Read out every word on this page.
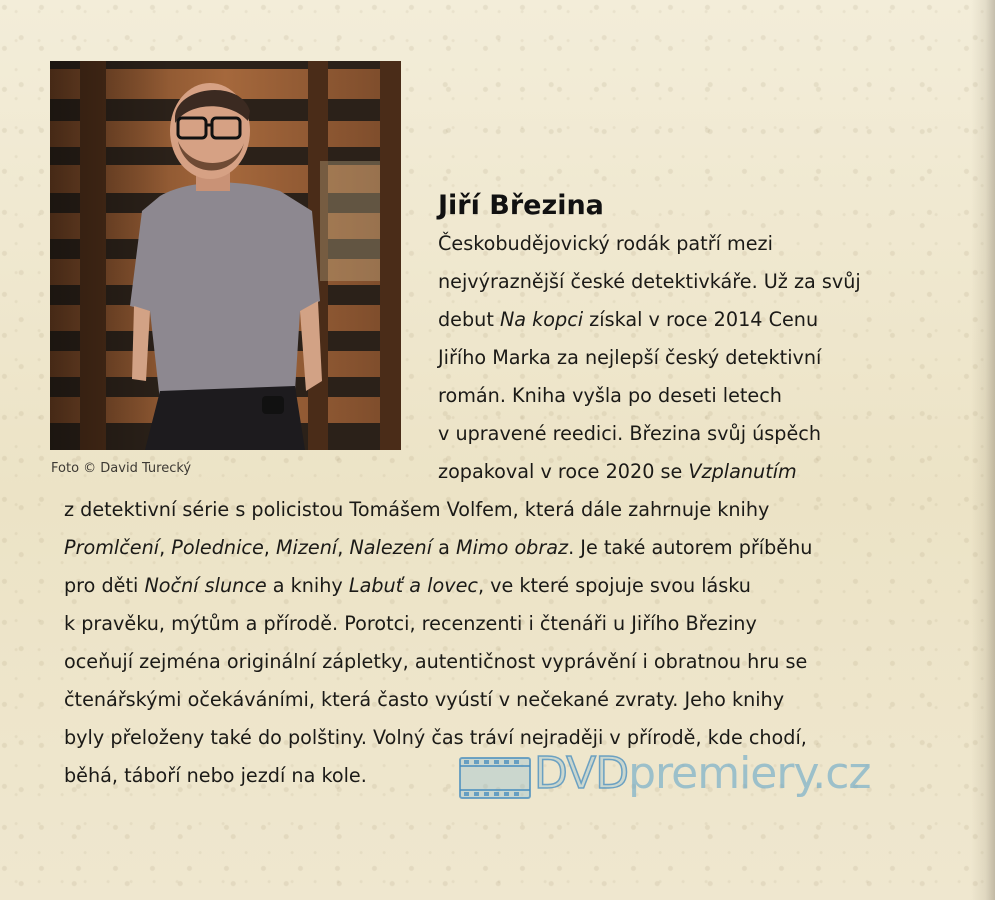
Foto © David Turecký
Jiří Březina
Českobudějovický rodák patří mezi
nejvýraznější české detektivkáře. Už za svůj
debut Na kopci získal v roce 2014 Cenu
Jiřího Marka za nejlepší český detektivní
román. Kniha vyšla po deseti letech
v upravené reedici. Březina svůj úspěch
zopakoval v roce 2020 se Vzplanutím
z detektivní série s policistou Tomášem Volfem, která dále zahrnuje knihy
Promlčení, Polednice, Mizení, Nalezení a Mimo obraz. Je také autorem příběhu
pro děti Noční slunce a knihy Labuť a lovec, ve které spojuje svou lásku
k pravěku, mýtům a přírodě. Porotci, recenzenti i čtenáři u Jiřího Březiny
oceňují zejména originální zápletky, autentičnost vyprávění i obratnou hru se
čtenářskými očekáváními, která často vyústí v nečekané zvraty. Jeho knihy
byly přeloženy také do polštiny. Volný čas tráví nejraději v přírodě, kde chodí,
běhá, táboří nebo jezdí na kole.	DVDpremiery.cz
